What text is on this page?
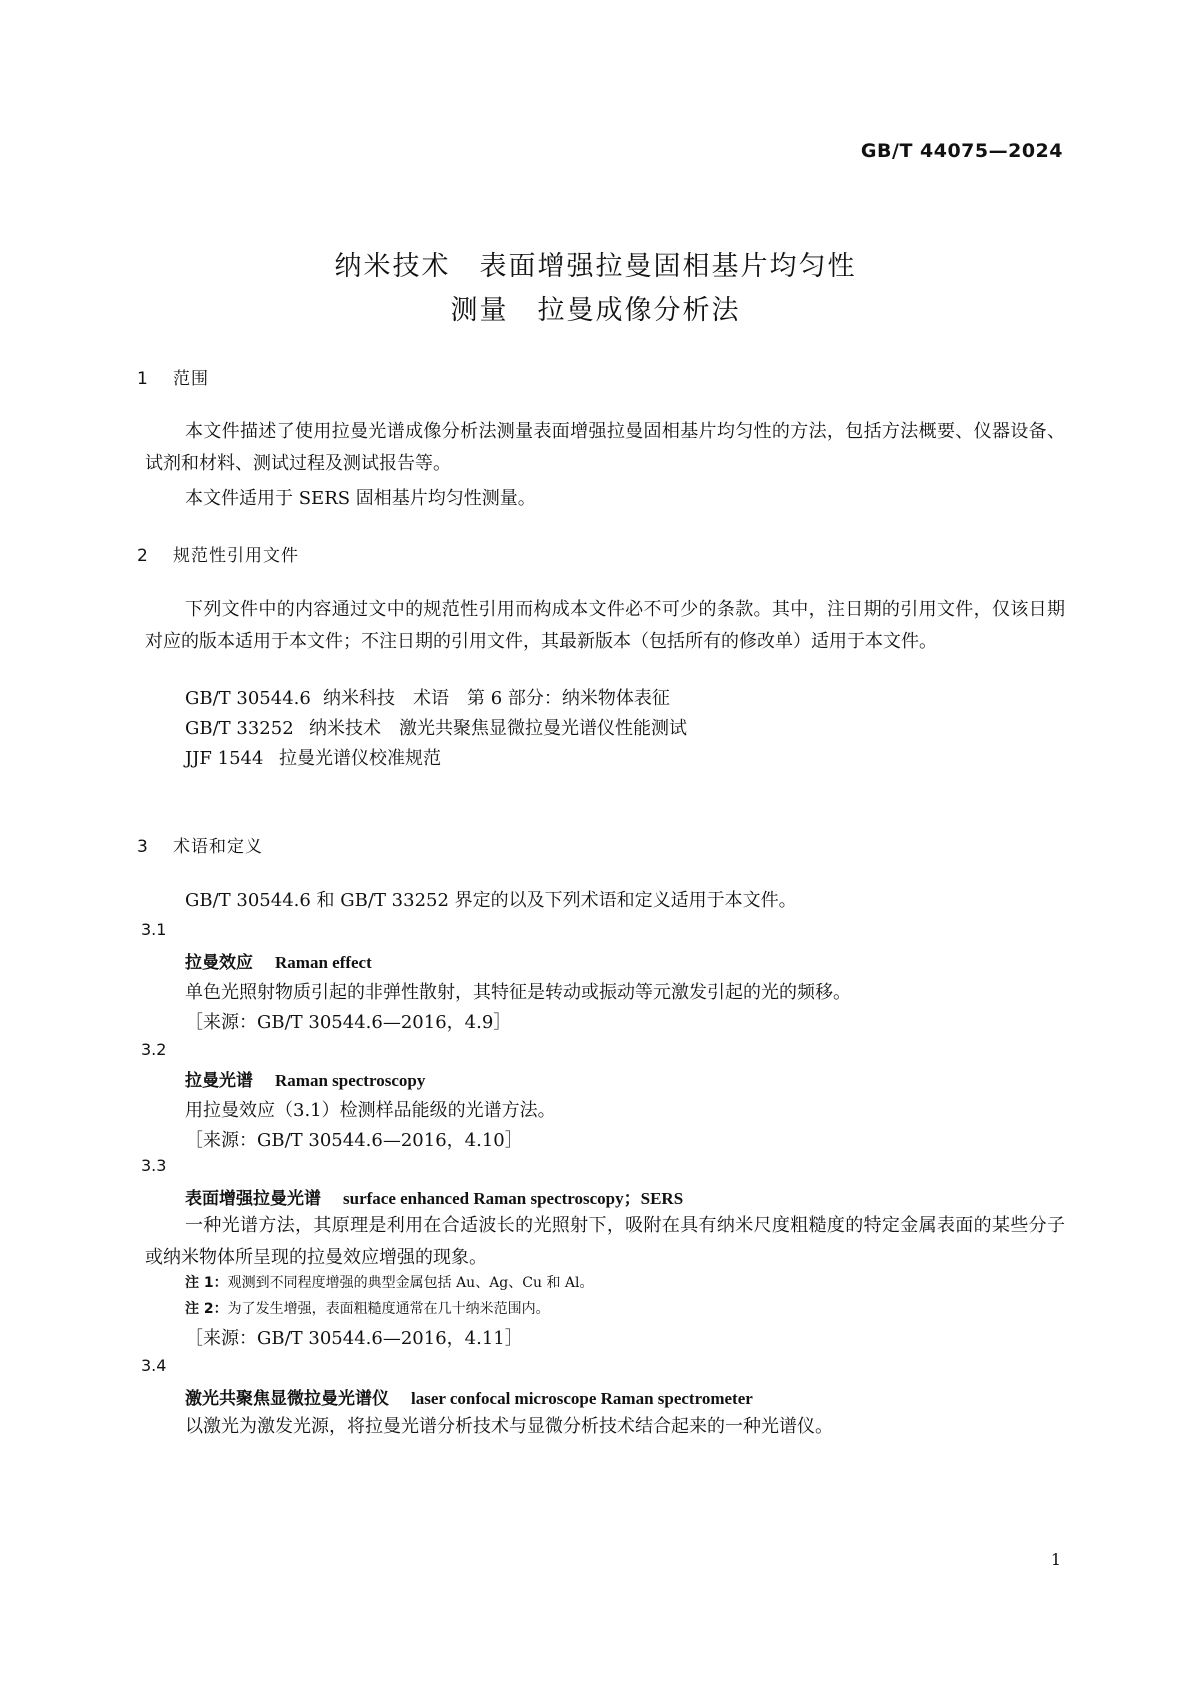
GB/T 44075—2024
纳米技术　表面增强拉曼固相基片均匀性
测量　拉曼成像分析法
1 范围
本文件描述了使用拉曼光谱成像分析法测量表面增强拉曼固相基片均匀性的方法，包括方法概要、仪器设备、试剂和材料、测试过程及测试报告等。
本文件适用于 SERS 固相基片均匀性测量。
2 规范性引用文件
下列文件中的内容通过文中的规范性引用而构成本文件必不可少的条款。其中，注日期的引用文件，仅该日期对应的版本适用于本文件；不注日期的引用文件，其最新版本（包括所有的修改单）适用于本文件。
GB/T 30544.6 纳米科技　术语　第 6 部分：纳米物体表征
GB/T 33252 纳米技术　激光共聚焦显微拉曼光谱仪性能测试
JJF 1544 拉曼光谱仪校准规范
3 术语和定义
GB/T 30544.6 和 GB/T 33252 界定的以及下列术语和定义适用于本文件。
3.1
拉曼效应 Raman effect
单色光照射物质引起的非弹性散射，其特征是转动或振动等元激发引起的光的频移。
［来源：GB/T 30544.6—2016，4.9］
3.2
拉曼光谱 Raman spectroscopy
用拉曼效应（3.1）检测样品能级的光谱方法。
［来源：GB/T 30544.6—2016，4.10］
3.3
表面增强拉曼光谱 surface enhanced Raman spectroscopy；SERS
一种光谱方法，其原理是利用在合适波长的光照射下，吸附在具有纳米尺度粗糙度的特定金属表面的某些分子或纳米物体所呈现的拉曼效应增强的现象。
注 1：观测到不同程度增强的典型金属包括 Au、Ag、Cu 和 Al。
注 2：为了发生增强，表面粗糙度通常在几十纳米范围内。
［来源：GB/T 30544.6—2016，4.11］
3.4
激光共聚焦显微拉曼光谱仪 laser confocal microscope Raman spectrometer
以激光为激发光源，将拉曼光谱分析技术与显微分析技术结合起来的一种光谱仪。
1
